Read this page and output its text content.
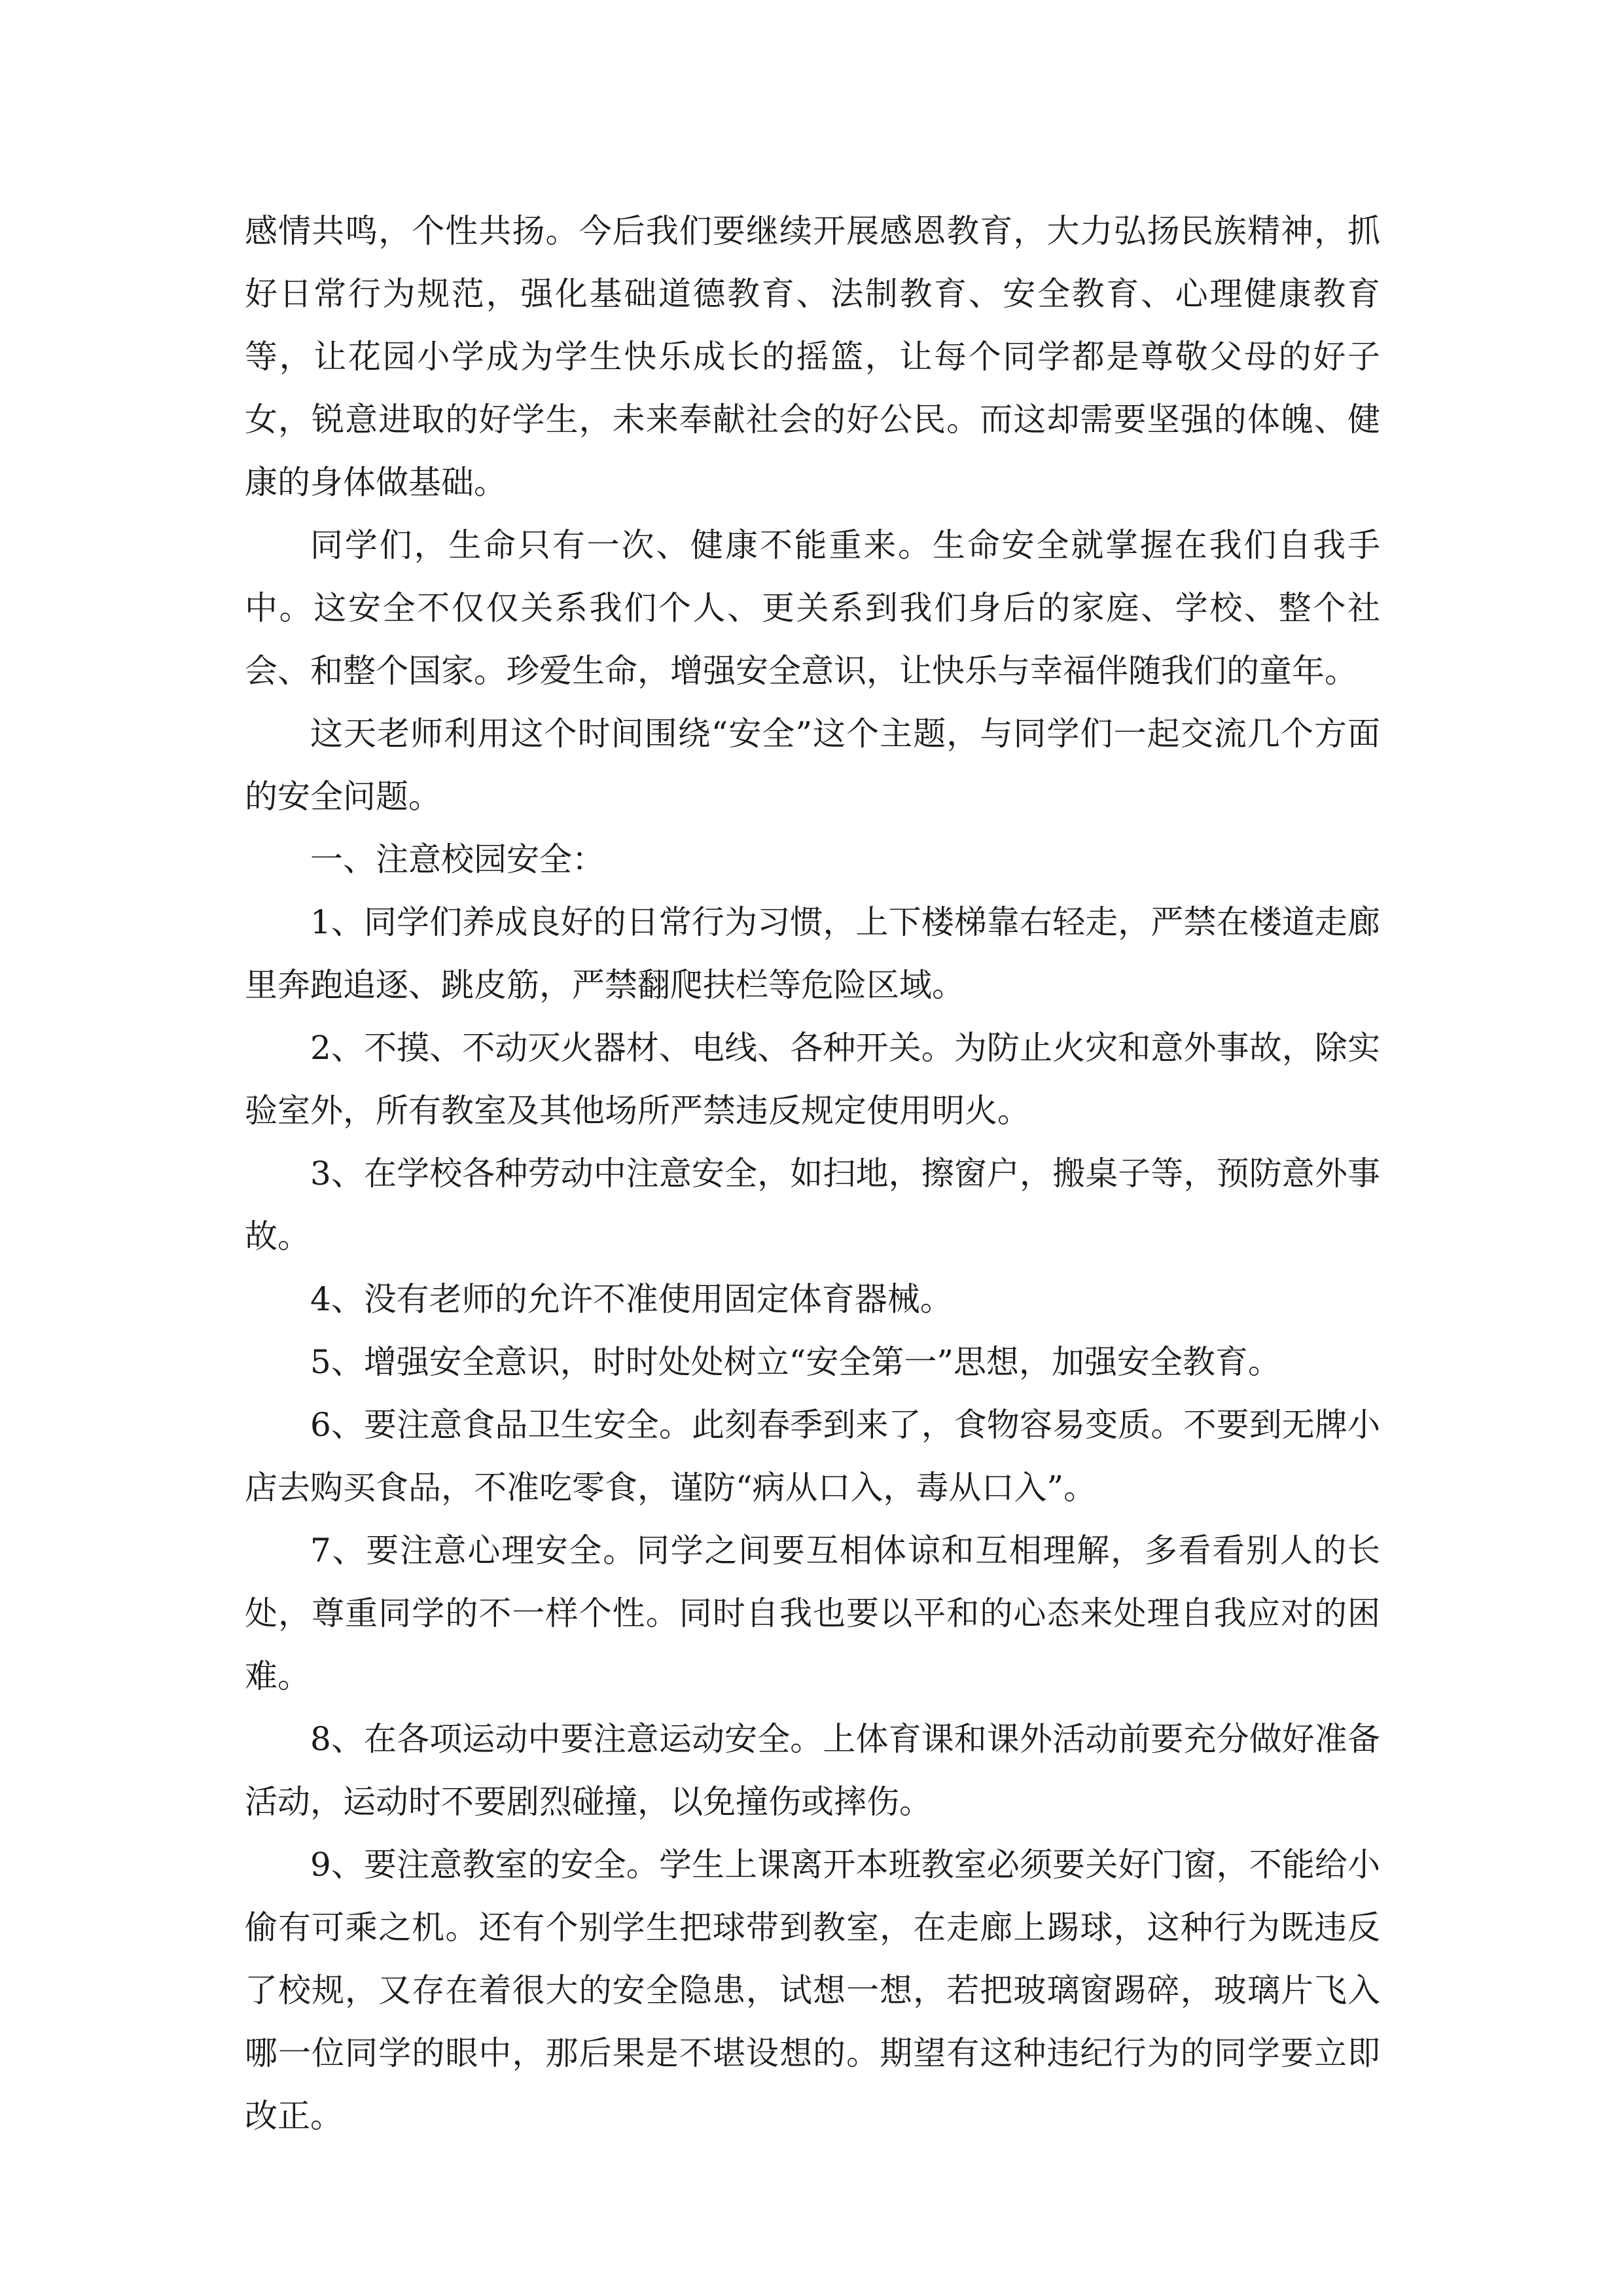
感情共鸣，个性共扬。今后我们要继续开展感恩教育，大力弘扬民族精神，抓好日常行为规范，强化基础道德教育、法制教育、安全教育、心理健康教育等，让花园小学成为学生快乐成长的摇篮，让每个同学都是尊敬父母的好子女，锐意进取的好学生，未来奉献社会的好公民。而这却需要坚强的体魄、健康的身体做基础。

同学们，生命只有一次、健康不能重来。生命安全就掌握在我们自我手中。这安全不仅仅关系我们个人、更关系到我们身后的家庭、学校、整个社会、和整个国家。珍爱生命，增强安全意识，让快乐与幸福伴随我们的童年。

这天老师利用这个时间围绕“安全”这个主题，与同学们一起交流几个方面的安全问题。

一、注意校园安全：

1、同学们养成良好的日常行为习惯，上下楼梯靠右轻走，严禁在楼道走廊里奔跑追逐、跳皮筋，严禁翻爬扶栏等危险区域。

2、不摸、不动灭火器材、电线、各种开关。为防止火灾和意外事故，除实验室外，所有教室及其他场所严禁违反规定使用明火。

3、在学校各种劳动中注意安全，如扫地，擦窗户，搬桌子等，预防意外事故。

4、没有老师的允许不准使用固定体育器械。

5、增强安全意识，时时处处树立“安全第一”思想，加强安全教育。

6、要注意食品卫生安全。此刻春季到来了，食物容易变质。不要到无牌小店去购买食品，不准吃零食，谨防“病从口入，毒从口入”。

7、要注意心理安全。同学之间要互相体谅和互相理解，多看看别人的长处，尊重同学的不一样个性。同时自我也要以平和的心态来处理自我应对的困难。

8、在各项运动中要注意运动安全。上体育课和课外活动前要充分做好准备活动，运动时不要剧烈碰撞，以免撞伤或摔伤。

9、要注意教室的安全。学生上课离开本班教室必须要关好门窗，不能给小偷有可乘之机。还有个别学生把球带到教室，在走廊上踢球，这种行为既违反了校规，又存在着很大的安全隐患，试想一想，若把玻璃窗踢碎，玻璃片飞入哪一位同学的眼中，那后果是不堪设想的。期望有这种违纪行为的同学要立即改正。
